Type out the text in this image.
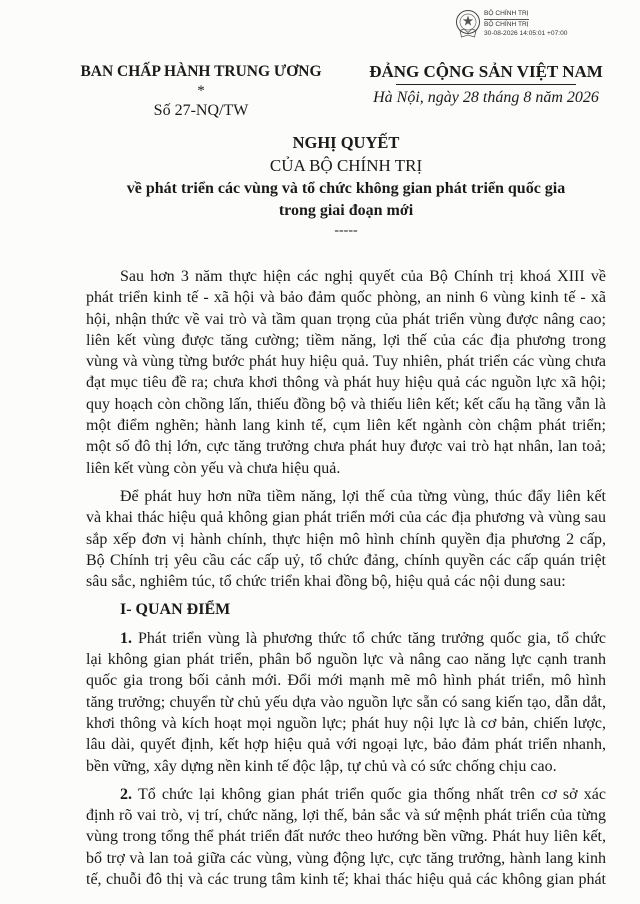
BỘ CHÍNH TRỊ
BỘ CHÍNH TRỊ
30-08-2026 14:05:01 +07:00
BAN CHẤP HÀNH TRUNG ƯƠNG
*
Số 27-NQ/TW
ĐẢNG CỘNG SẢN VIỆT NAM
Hà Nội, ngày 28 tháng 8 năm 2026
NGHỊ QUYẾT
CỦA BỘ CHÍNH TRỊ
về phát triển các vùng và tổ chức không gian phát triển quốc gia
trong giai đoạn mới
-----
Sau hơn 3 năm thực hiện các nghị quyết của Bộ Chính trị khoá XIII về
phát triển kinh tế - xã hội và bảo đảm quốc phòng, an ninh 6 vùng kinh tế - xã
hội, nhận thức về vai trò và tầm quan trọng của phát triển vùng được nâng cao;
liên kết vùng được tăng cường; tiềm năng, lợi thế của các địa phương trong
vùng và vùng từng bước phát huy hiệu quả. Tuy nhiên, phát triển các vùng chưa
đạt mục tiêu đề ra; chưa khơi thông và phát huy hiệu quả các nguồn lực xã hội;
quy hoạch còn chồng lấn, thiếu đồng bộ và thiếu liên kết; kết cấu hạ tầng vẫn là
một điểm nghẽn; hành lang kinh tế, cụm liên kết ngành còn chậm phát triển;
một số đô thị lớn, cực tăng trưởng chưa phát huy được vai trò hạt nhân, lan toả;
liên kết vùng còn yếu và chưa hiệu quả.
Để phát huy hơn nữa tiềm năng, lợi thế của từng vùng, thúc đẩy liên kết
và khai thác hiệu quả không gian phát triển mới của các địa phương và vùng sau
sắp xếp đơn vị hành chính, thực hiện mô hình chính quyền địa phương 2 cấp,
Bộ Chính trị yêu cầu các cấp uỷ, tổ chức đảng, chính quyền các cấp quán triệt
sâu sắc, nghiêm túc, tổ chức triển khai đồng bộ, hiệu quả các nội dung sau:
I- QUAN ĐIỂM
1. Phát triển vùng là phương thức tổ chức tăng trưởng quốc gia, tổ chức
lại không gian phát triển, phân bổ nguồn lực và nâng cao năng lực cạnh tranh
quốc gia trong bối cảnh mới. Đổi mới mạnh mẽ mô hình phát triển, mô hình
tăng trưởng; chuyển từ chủ yếu dựa vào nguồn lực sẵn có sang kiến tạo, dẫn dắt,
khơi thông và kích hoạt mọi nguồn lực; phát huy nội lực là cơ bản, chiến lược,
lâu dài, quyết định, kết hợp hiệu quả với ngoại lực, bảo đảm phát triển nhanh,
bền vững, xây dựng nền kinh tế độc lập, tự chủ và có sức chống chịu cao.
2. Tổ chức lại không gian phát triển quốc gia thống nhất trên cơ sở xác
định rõ vai trò, vị trí, chức năng, lợi thế, bản sắc và sứ mệnh phát triển của từng
vùng trong tổng thể phát triển đất nước theo hướng bền vững. Phát huy liên kết,
bổ trợ và lan toả giữa các vùng, vùng động lực, cực tăng trưởng, hành lang kinh
tế, chuỗi đô thị và các trung tâm kinh tế; khai thác hiệu quả các không gian phát
